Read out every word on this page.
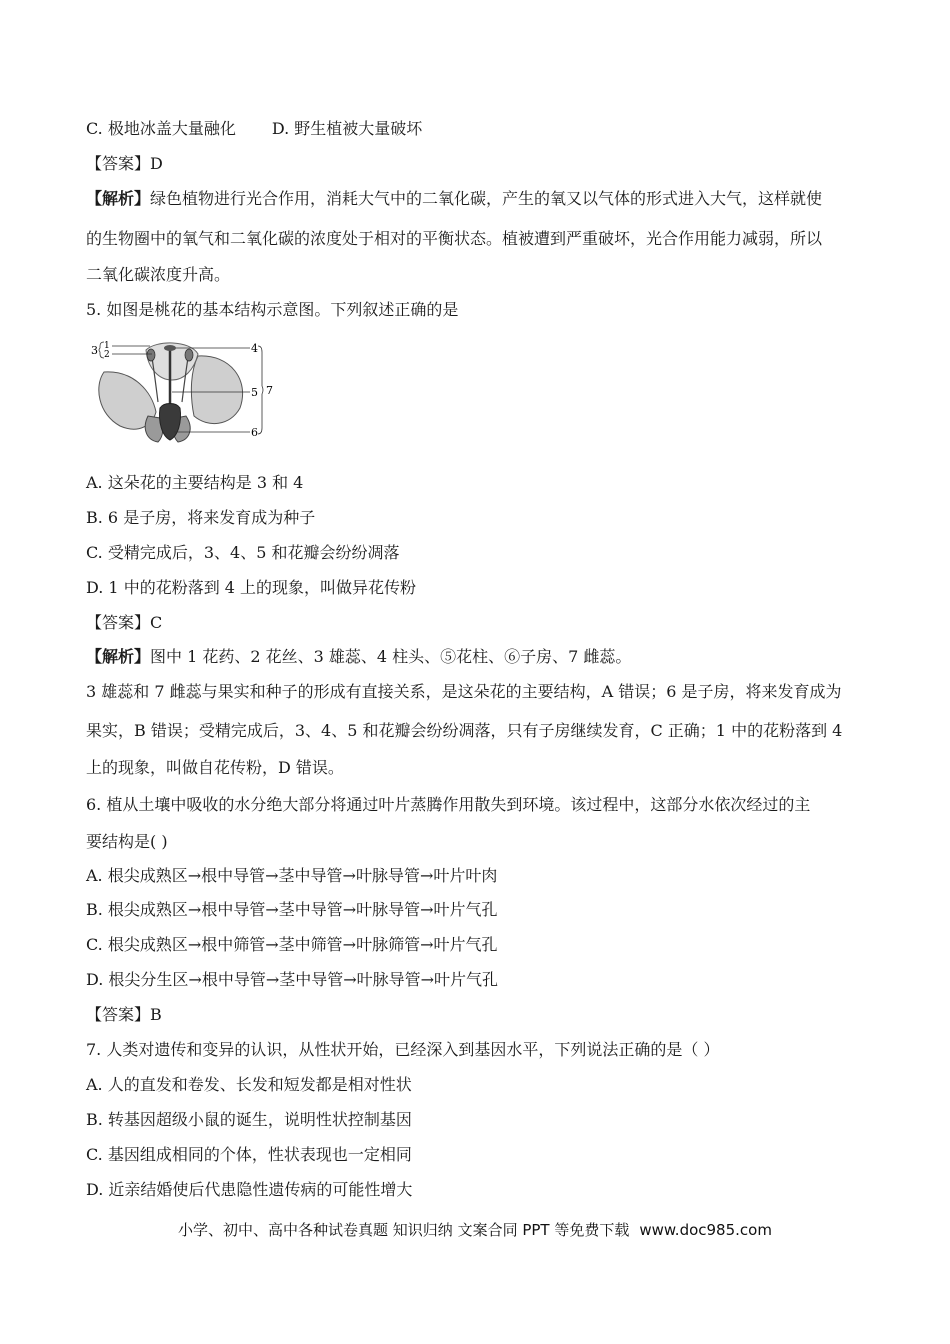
C. 极地冰盖大量融化 D. 野生植被大量破坏
【答案】D
【解析】绿色植物进行光合作用，消耗大气中的二氧化碳，产生的氧又以气体的形式进入大气，这样就使
的生物圈中的氧气和二氧化碳的浓度处于相对的平衡状态。植被遭到严重破坏，光合作用能力减弱，所以
二氧化碳浓度升高。
5. 如图是桃花的基本结构示意图。下列叙述正确的是
3 1
2	4
5 7
6
A. 这朵花的主要结构是 3 和 4
B. 6 是子房，将来发育成为种子
C. 受精完成后，3、4、5 和花瓣会纷纷凋落
D. 1 中的花粉落到 4 上的现象，叫做异花传粉
【答案】C
【解析】图中 1 花药、2 花丝、3 雄蕊、4 柱头、⑤花柱、⑥子房、7 雌蕊。
3 雄蕊和 7 雌蕊与果实和种子的形成有直接关系，是这朵花的主要结构，A 错误；6 是子房，将来发育成为
果实，B 错误；受精完成后，3、4、5 和花瓣会纷纷凋落，只有子房继续发育，C 正确；1 中的花粉落到 4
上的现象，叫做自花传粉，D 错误。
6. 植从土壤中吸收的水分绝大部分将通过叶片蒸腾作用散失到环境。该过程中，这部分水依次经过的主
要结构是( )
A. 根尖成熟区→根中导管→茎中导管→叶脉导管→叶片叶肉
B. 根尖成熟区→根中导管→茎中导管→叶脉导管→叶片气孔
C. 根尖成熟区→根中筛管→茎中筛管→叶脉筛管→叶片气孔
D. 根尖分生区→根中导管→茎中导管→叶脉导管→叶片气孔
【答案】B
7. 人类对遗传和变异的认识，从性状开始，已经深入到基因水平，下列说法正确的是（ ）
A. 人的直发和卷发、长发和短发都是相对性状
B. 转基因超级小鼠的诞生，说明性状控制基因
C. 基因组成相同的个体，性状表现也一定相同
D. 近亲结婚使后代患隐性遗传病的可能性增大
小学、初中、高中各种试卷真题 知识归纳 文案合同 PPT 等免费下载 www.doc985.com
